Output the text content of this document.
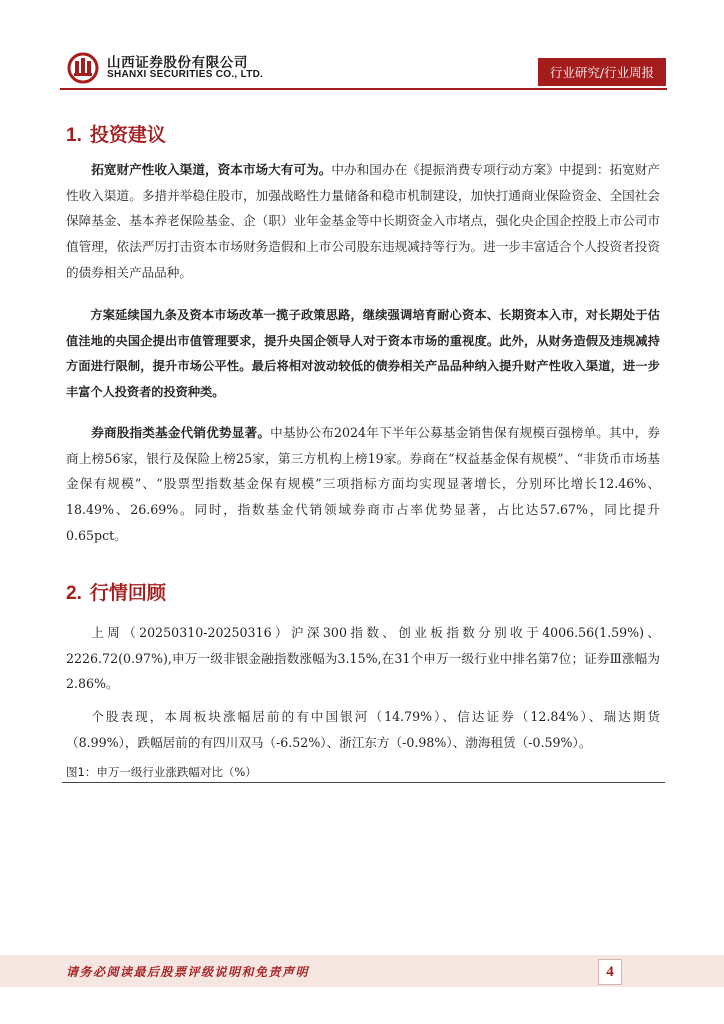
山西证券股份有限公司
SHANXI SECURITIES CO., LTD.	行业研究/行业周报
1. 投资建议

拓宽财产性收入渠道，资本市场大有可为。中办和国办在《提振消费专项行动方案》中提到：拓宽财产性收入渠道。多措并举稳住股市，加强战略性力量储备和稳市机制建设，加快打通商业保险资金、全国社会保障基金、基本养老保险基金、企（职）业年金基金等中长期资金入市堵点，强化央企国企控股上市公司市值管理，依法严厉打击资本市场财务造假和上市公司股东违规减持等行为。进一步丰富适合个人投资者投资的债券相关产品品种。

方案延续国九条及资本市场改革一揽子政策思路，继续强调培育耐心资本、长期资本入市，对长期处于估值洼地的央国企提出市值管理要求，提升央国企领导人对于资本市场的重视度。此外，从财务造假及违规减持方面进行限制，提升市场公平性。最后将相对波动较低的债券相关产品品种纳入提升财产性收入渠道，进一步丰富个人投资者的投资种类。

券商股指类基金代销优势显著。中基协公布2024年下半年公募基金销售保有规模百强榜单。其中，券商上榜56家，银行及保险上榜25家，第三方机构上榜19家。券商在“权益基金保有规模”、“非货币市场基金保有规模”、“股票型指数基金保有规模”三项指标方面均实现显著增长，分别环比增长12.46%、18.49%、26.69%。同时，指数基金代销领域券商市占率优势显著，占比达57.67%，同比提升0.65pct。

2. 行情回顾

上周（20250310-20250316）沪深300指数、创业板指数分别收于4006.56(1.59%)、2226.72(0.97%),申万一级非银金融指数涨幅为3.15%,在31个申万一级行业中排名第7位；证券Ⅲ涨幅为2.86%。

个股表现，本周板块涨幅居前的有中国银河（14.79%）、信达证券（12.84%）、瑞达期货（8.99%），跌幅居前的有四川双马（-6.52%）、浙江东方（-0.98%）、渤海租赁（-0.59%）。

图1：申万一级行业涨跌幅对比（%）
请务必阅读最后股票评级说明和免责声明	4
